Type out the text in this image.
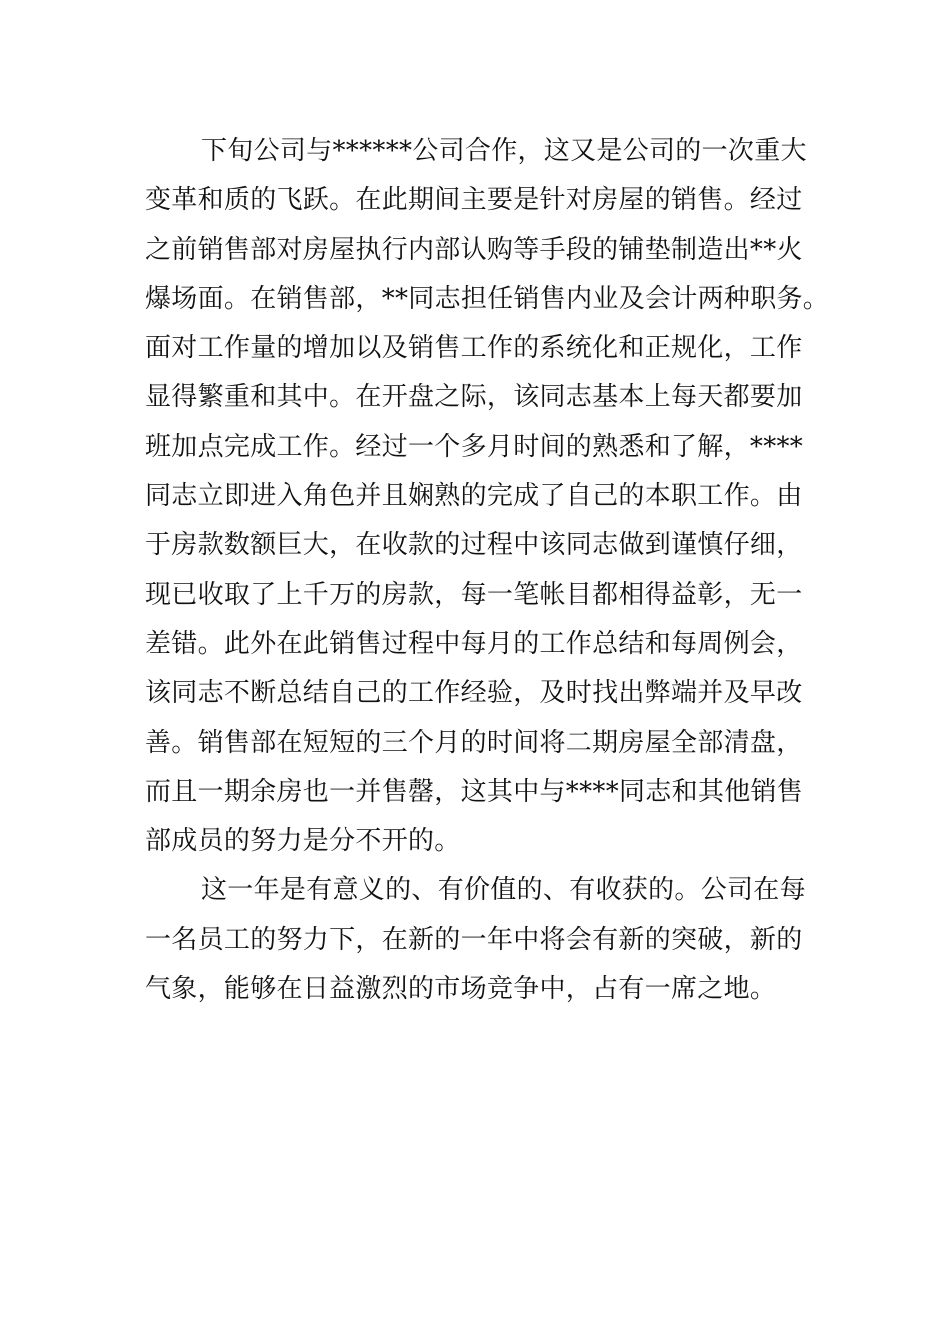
下旬公司与******公司合作，这又是公司的一次重大
变革和质的飞跃。在此期间主要是针对房屋的销售。经过
之前销售部对房屋执行内部认购等手段的铺垫制造出**火
爆场面。在销售部，**同志担任销售内业及会计两种职务。
面对工作量的增加以及销售工作的系统化和正规化，工作
显得繁重和其中。在开盘之际，该同志基本上每天都要加
班加点完成工作。经过一个多月时间的熟悉和了解，****
同志立即进入角色并且娴熟的完成了自己的本职工作。由
于房款数额巨大，在收款的过程中该同志做到谨慎仔细，
现已收取了上千万的房款，每一笔帐目都相得益彰，无一
差错。此外在此销售过程中每月的工作总结和每周例会，
该同志不断总结自己的工作经验，及时找出弊端并及早改
善。销售部在短短的三个月的时间将二期房屋全部清盘，
而且一期余房也一并售罄，这其中与****同志和其他销售
部成员的努力是分不开的。
这一年是有意义的、有价值的、有收获的。公司在每
一名员工的努力下，在新的一年中将会有新的突破，新的
气象，能够在日益激烈的市场竞争中，占有一席之地。
